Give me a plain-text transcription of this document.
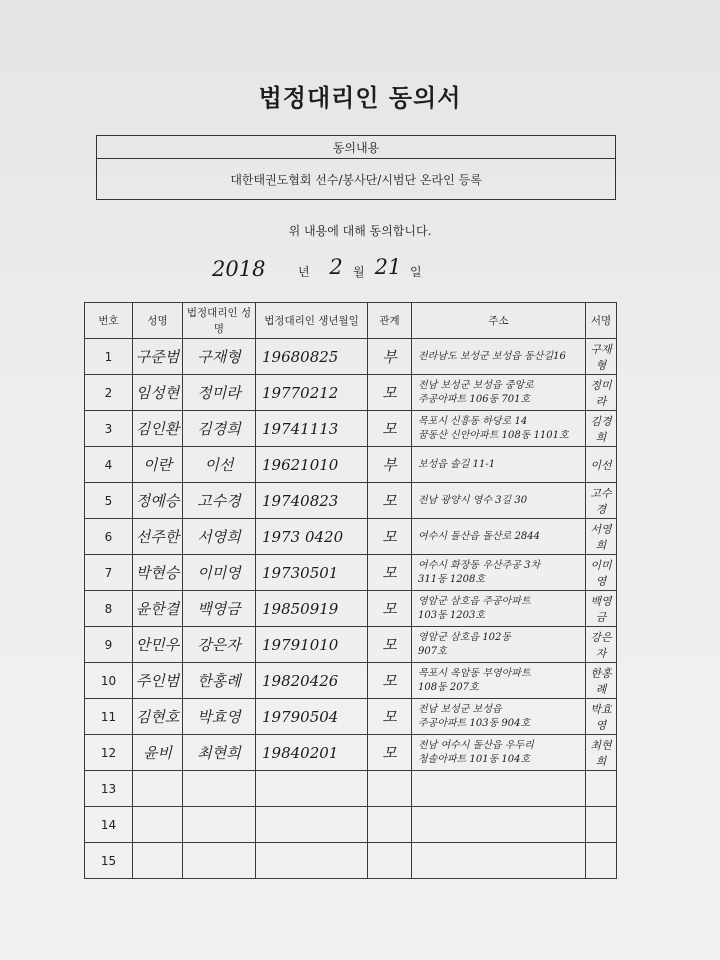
법정대리인 동의서
동의내용
대한태권도협회 선수/봉사단/시범단 온라인 등록
위 내용에 대해 동의합니다.
2018	년 2 월 21 일
번호	성명	법정대리인 성명	법정대리인 생년월일	관계	주소	서명
1	구준범	구재형	19680825	부	전라남도 보성군 보성읍 동산길16	구재형
2	임성현	정미라	19770212	모	전남 보성군 보성읍 중앙로
주공아파트 106동 701호	정미라
3	김인환	김경희	19741113	모	목포시 신흥동 하당로 14
꿈동산 신안아파트 108동 1101호	김경희
4	이란	이선	19621010	부	보성읍 솔길 11-1	이선
5	정예승	고수경	19740823	모	전남 광양시 영수 3길 30	고수경
6	선주한	서영희	1973 0420	모	여수시 돌산읍 돌산로 2844	서영희
7	박현승	이미영	19730501	모	여수시 화장동 우산주공 3차
311동 1208호	이미영
8	윤한결	백영금	19850919	모	영암군 삼호읍 주공아파트
103동 1203호	백영금
9	안민우	강은자	19791010	모	영암군 삼호읍 102동
907호	강은자
10	주인범	한홍례	19820426	모	목포시 옥암동 부영아파트
108동 207호	한홍례
11	김현호	박효영	19790504	모	전남 보성군 보성읍
주공아파트 103동 904호	박효영
12	윤비	최현희	19840201	모	전남 여수시 돌산읍 우두리
청솔아파트 101동 104호	최현희
13					

14					

15					
